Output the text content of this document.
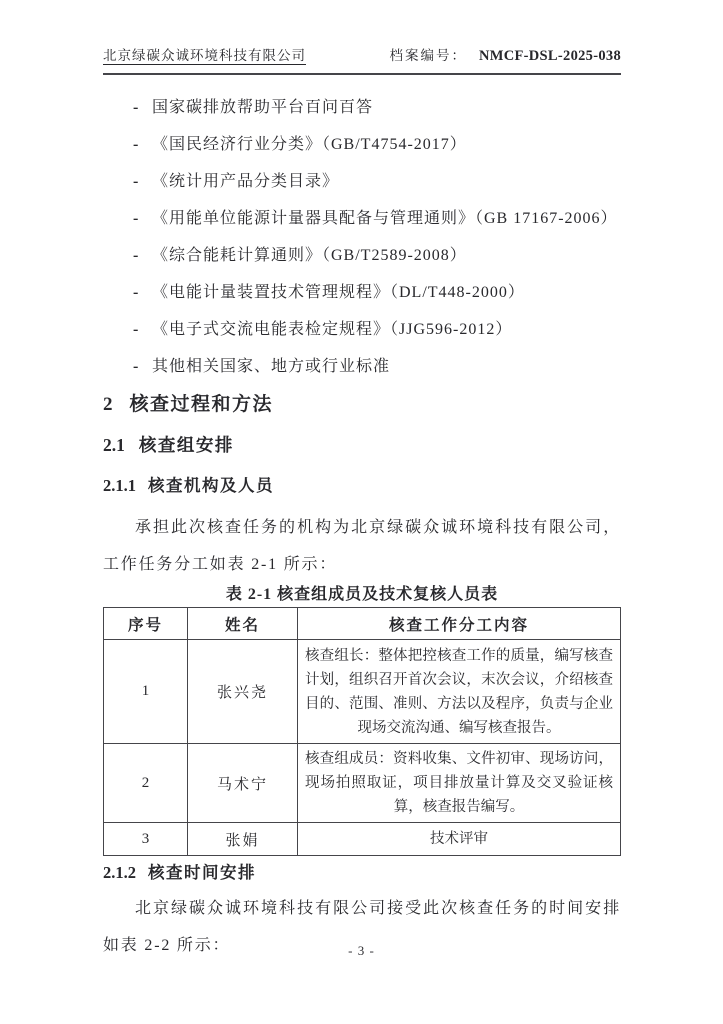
北京绿碳众诚环境科技有限公司	档案编号： NMCF-DSL-2025-038
- 国家碳排放帮助平台百问百答
- 《国民经济行业分类》（GB/T4754-2017）
- 《统计用产品分类目录》
- 《用能单位能源计量器具配备与管理通则》（GB 17167-2006）
- 《综合能耗计算通则》（GB/T2589-2008）
- 《电能计量装置技术管理规程》（DL/T448-2000）
- 《电子式交流电能表检定规程》（JJG596-2012）
- 其他相关国家、地方或行业标准
2 核查过程和方法
2.1 核查组安排
2.1.1 核查机构及人员

承担此次核查任务的机构为北京绿碳众诚环境科技有限公司，工作任务分工如表 2-1 所示：

表 2-1 核查组成员及技术复核人员表

序号	姓名	核查工作分工内容
1	张兴尧	核查组长：整体把控核查工作的质量，编写核查计划，组织召开首次会议，末次会议，介绍核查目的、范围、准则、方法以及程序，负责与企业现场交流沟通、编写核查报告。
2	马术宁	核查组成员：资料收集、文件初审、现场访问，现场拍照取证，项目排放量计算及交叉验证核算，核查报告编写。
3	张娟	技术评审
2.1.2 核查时间安排

北京绿碳众诚环境科技有限公司接受此次核查任务的时间安排如表 2-2 所示：	- 3 -
